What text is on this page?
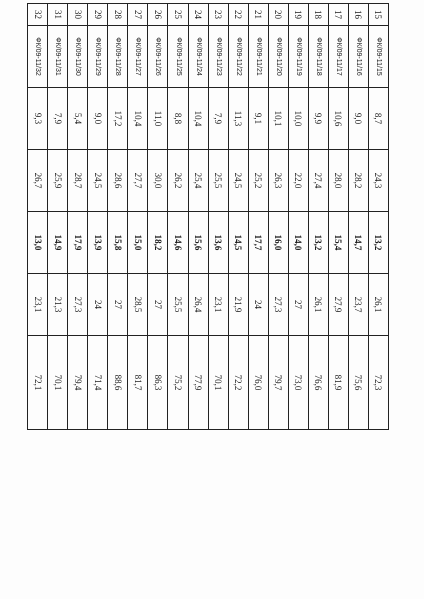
15	ФК/09-11/15	8,7	24,3	13,2	26,1	72,3
16	ФК/09-11/16	9,0	28,2	14,7	23,7	75,6
17	ФК/09-11/17	10,6	28,0	15,4	27,9	81,9
18	ФК/09-11/18	9,9	27,4	13,2	26,1	76,6
19	ФК/09-11/19	10,0	22,0	14,0	27	73,0
20	ФК/09-11/20	10,1	26,3	16,0	27,3	79,7
21	ФК/09-11/21	9,1	25,2	17,7	24	76,0
22	ФК/09-11/22	11,3	24,5	14,5	21,9	72,2
23	ФК/09-11/23	7,9	25,5	13,6	23,1	70,1
24	ФК/09-11/24	10,4	25,4	15,6	26,4	77,9
25	ФК/09-11/25	8,8	26,2	14,6	25,5	75,2
26	ФК/09-11/26	11,0	30,0	18,2	27	86,3
27	ФК/09-11/27	10,4	27,7	15,0	28,5	81,7
28	ФК/09-11/28	17,2	28,6	15,8	27	88,6
29	ФК/09-11/29	9,0	24,5	13,9	24	71,4
30	ФК/09-11/30	5,4	28,7	17,9	27,3	79,4
31	ФК/09-11/31	7,9	25,9	14,9	21,3	70,1
32	ФК/09-11/32	9,3	26,7	13,0	23,1	72,1
